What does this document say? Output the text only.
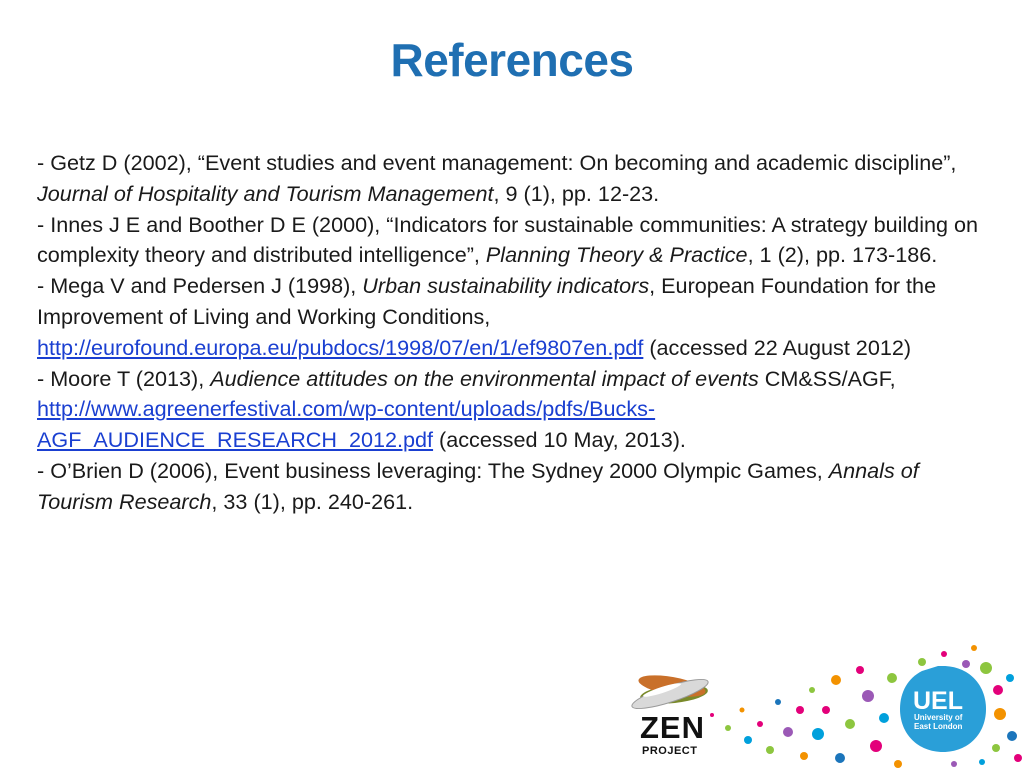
References
- Getz D (2002), “Event studies and event management: On becoming and academic discipline”, Journal of Hospitality and Tourism Management, 9 (1), pp. 12-23.
- Innes J E and Boother D E (2000), “Indicators for sustainable communities: A strategy building on complexity theory and distributed intelligence”, Planning Theory & Practice, 1 (2), pp. 173-186.
- Mega V and Pedersen J (1998), Urban sustainability indicators, European Foundation for the Improvement of Living and Working Conditions, http://eurofound.europa.eu/pubdocs/1998/07/en/1/ef9807en.pdf (accessed 22 August 2012)
- Moore T (2013), Audience attitudes on the environmental impact of events CM&SS/AGF, http://www.agreenerfestival.com/wp-content/uploads/pdfs/Bucks-AGF_AUDIENCE_RESEARCH_2012.pdf (accessed 10 May, 2013).
- O’Brien D (2006), Event business leveraging: The Sydney 2000 Olympic Games, Annals of Tourism Research, 33 (1), pp. 240-261.
ZEN
PROJECT
UEL
University of East London
